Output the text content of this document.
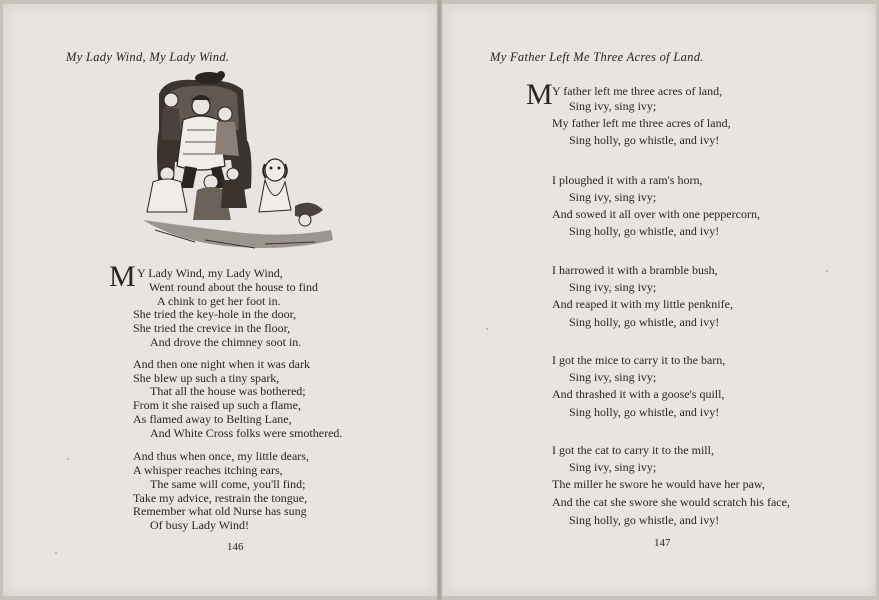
My Lady Wind, My Lady Wind.
M Y Lady Wind, my Lady Wind,
Went round about the house to find
A chink to get her foot in.
She tried the key-hole in the door,
She tried the crevice in the floor,
And drove the chimney soot in.
And then one night when it was dark
She blew up such a tiny spark,
That all the house was bothered;
From it she raised up such a flame,
As flamed away to Belting Lane,
And White Cross folks were smothered.
And thus when once, my little dears,
A whisper reaches itching ears,
The same will come, you'll find;
Take my advice, restrain the tongue,
Remember what old Nurse has sung
Of busy Lady Wind!
146
My Father Left Me Three Acres of Land.
M Y father left me three acres of land,
Sing ivy, sing ivy;
My father left me three acres of land,
Sing holly, go whistle, and ivy!
I ploughed it with a ram's horn,
Sing ivy, sing ivy;
And sowed it all over with one peppercorn,
Sing holly, go whistle, and ivy!
I harrowed it with a bramble bush,
Sing ivy, sing ivy;
And reaped it with my little penknife,
Sing holly, go whistle, and ivy!
I got the mice to carry it to the barn,
Sing ivy, sing ivy;
And thrashed it with a goose's quill,
Sing holly, go whistle, and ivy!
I got the cat to carry it to the mill,
Sing ivy, sing ivy;
The miller he swore he would have her paw,
And the cat she swore she would scratch his face,
Sing holly, go whistle, and ivy!
147
